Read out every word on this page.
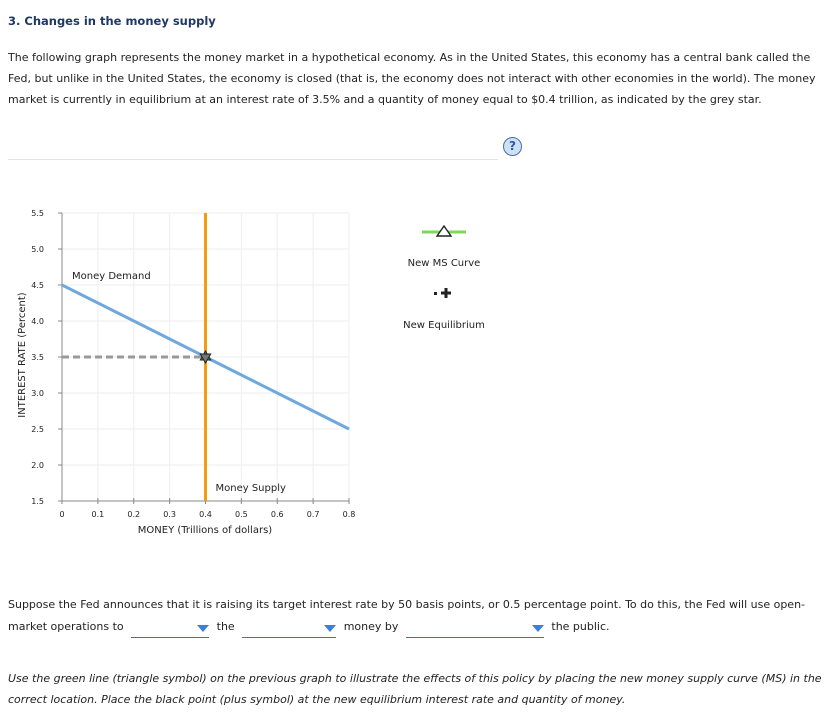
3. Changes in the money supply
The following graph represents the money market in a hypothetical economy. As in the United States, this economy has a central bank called the Fed, but unlike in the United States, the economy is closed (that is, the economy does not interact with other economies in the world). The money market is currently in equilibrium at an interest rate of 3.5% and a quantity of money equal to $0.4 trillion, as indicated by the grey star.
?
1.5
2.0
2.5
3.0
3.5
4.0
4.5
5.0
5.5
0	0.1	0.2	0.3	0.4	0.5	0.6	0.7	0.8
Money Demand
Money Supply
INTEREST RATE (Percent)
MONEY (Trillions of dollars)
New MS Curve
New Equilibrium
Suppose the Fed announces that it is raising its target interest rate by 50 basis points, or 0.5 percentage point. To do this, the Fed will use open-market operations to	the	money by	the public.
Use the green line (triangle symbol) on the previous graph to illustrate the effects of this policy by placing the new money supply curve (MS) in the correct location. Place the black point (plus symbol) at the new equilibrium interest rate and quantity of money.
